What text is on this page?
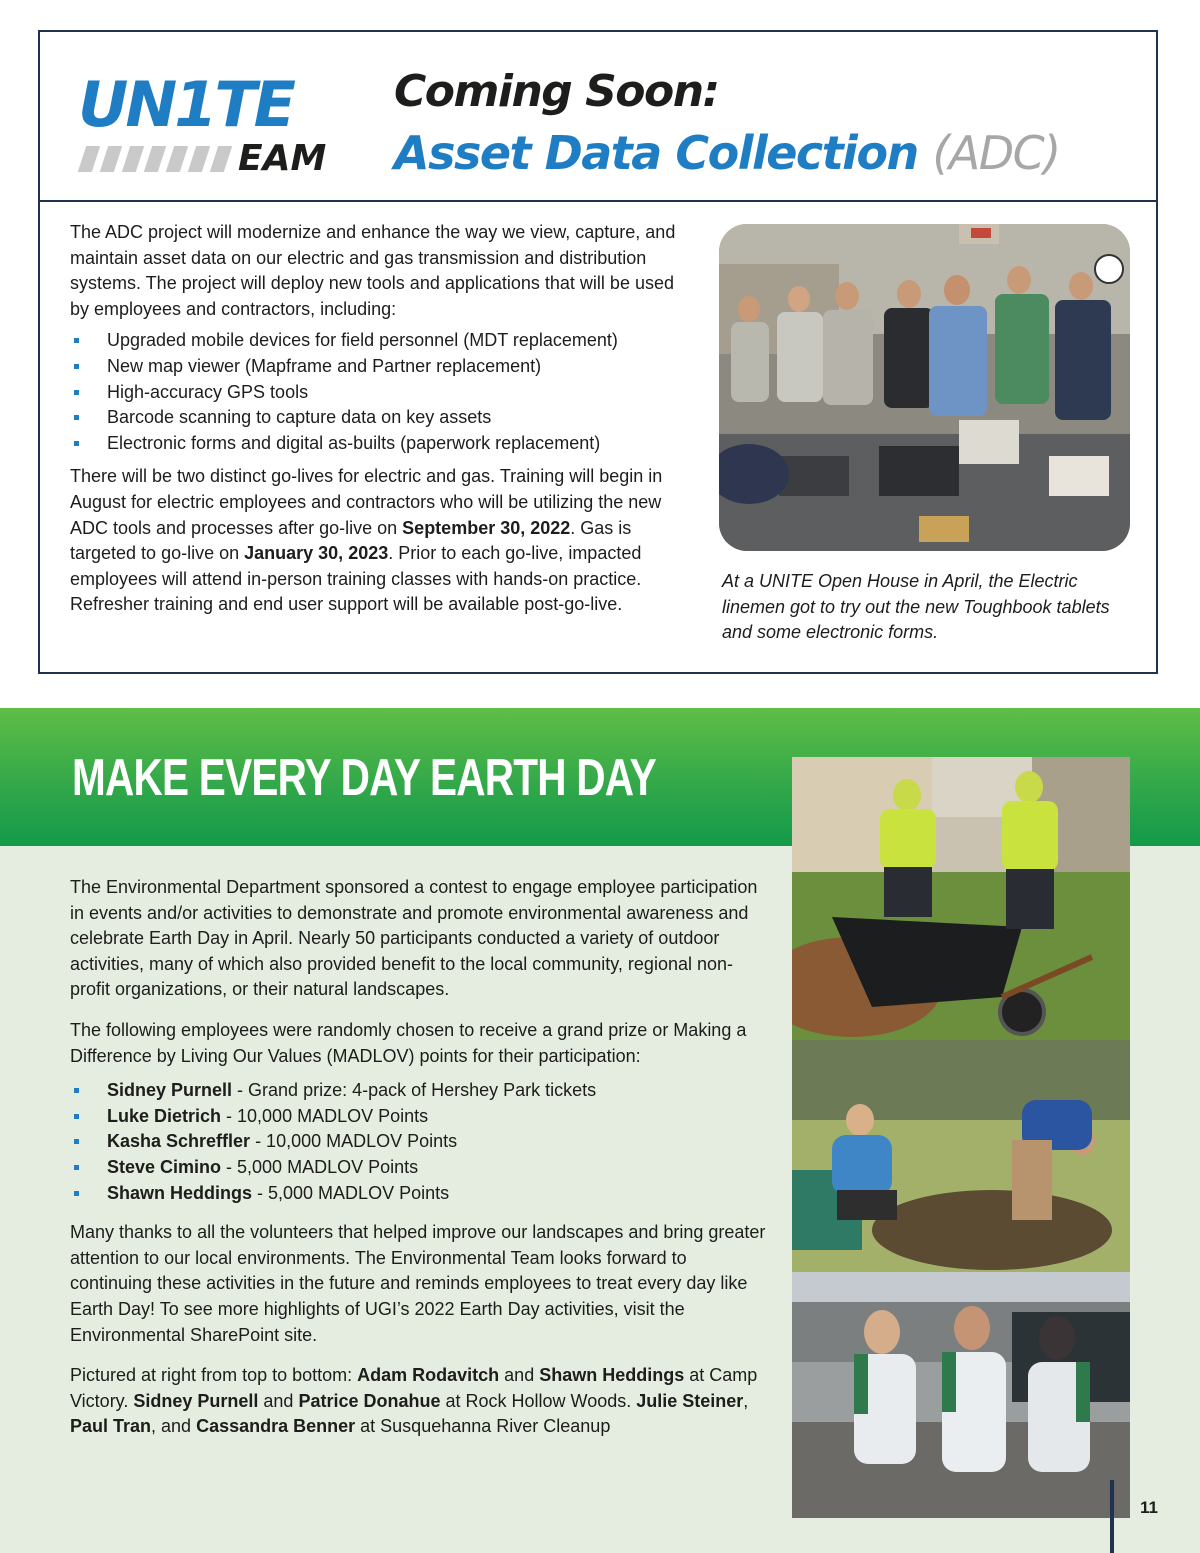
UN1TE
EAM
Coming Soon:
Asset Data Collection (ADC)

The ADC project will modernize and enhance the way we view, capture, and maintain asset data on our electric and gas transmission and distribution systems. The project will deploy new tools and applications that will be used by employees and contractors, including:

Upgraded mobile devices for field personnel (MDT replacement)
New map viewer (Mapframe and Partner replacement)
High-accuracy GPS tools
Barcode scanning to capture data on key assets
Electronic forms and digital as-builts (paperwork replacement)

There will be two distinct go-lives for electric and gas. Training will begin in August for electric employees and contractors who will be utilizing the new ADC tools and processes after go-live on September 30, 2022. Gas is targeted to go-live on January 30, 2023. Prior to each go-live, impacted employees will attend in-person training classes with hands-on practice. Refresher training and end user support will be available post-go-live.

At a UNITE Open House in April, the Electric linemen got to try out the new Toughbook tablets and some electronic forms.
MAKE EVERY DAY EARTH DAY

The Environmental Department sponsored a contest to engage employee participation in events and/or activities to demonstrate and promote environmental awareness and celebrate Earth Day in April. Nearly 50 participants conducted a variety of outdoor activities, many of which also provided benefit to the local community, regional non-profit organizations, or their natural landscapes.

The following employees were randomly chosen to receive a grand prize or Making a Difference by Living Our Values (MADLOV) points for their participation:

Sidney Purnell - Grand prize: 4-pack of Hershey Park tickets
Luke Dietrich - 10,000 MADLOV Points
Kasha Schreffler - 10,000 MADLOV Points
Steve Cimino - 5,000 MADLOV Points
Shawn Heddings - 5,000 MADLOV Points

Many thanks to all the volunteers that helped improve our landscapes and bring greater attention to our local environments. The Environmental Team looks forward to continuing these activities in the future and reminds employees to treat every day like Earth Day! To see more highlights of UGI’s 2022 Earth Day activities, visit the Environmental SharePoint site.

Pictured at right from top to bottom: Adam Rodavitch and Shawn Heddings at Camp Victory. Sidney Purnell and Patrice Donahue at Rock Hollow Woods. Julie Steiner, Paul Tran, and Cassandra Benner at Susquehanna River Cleanup

11
